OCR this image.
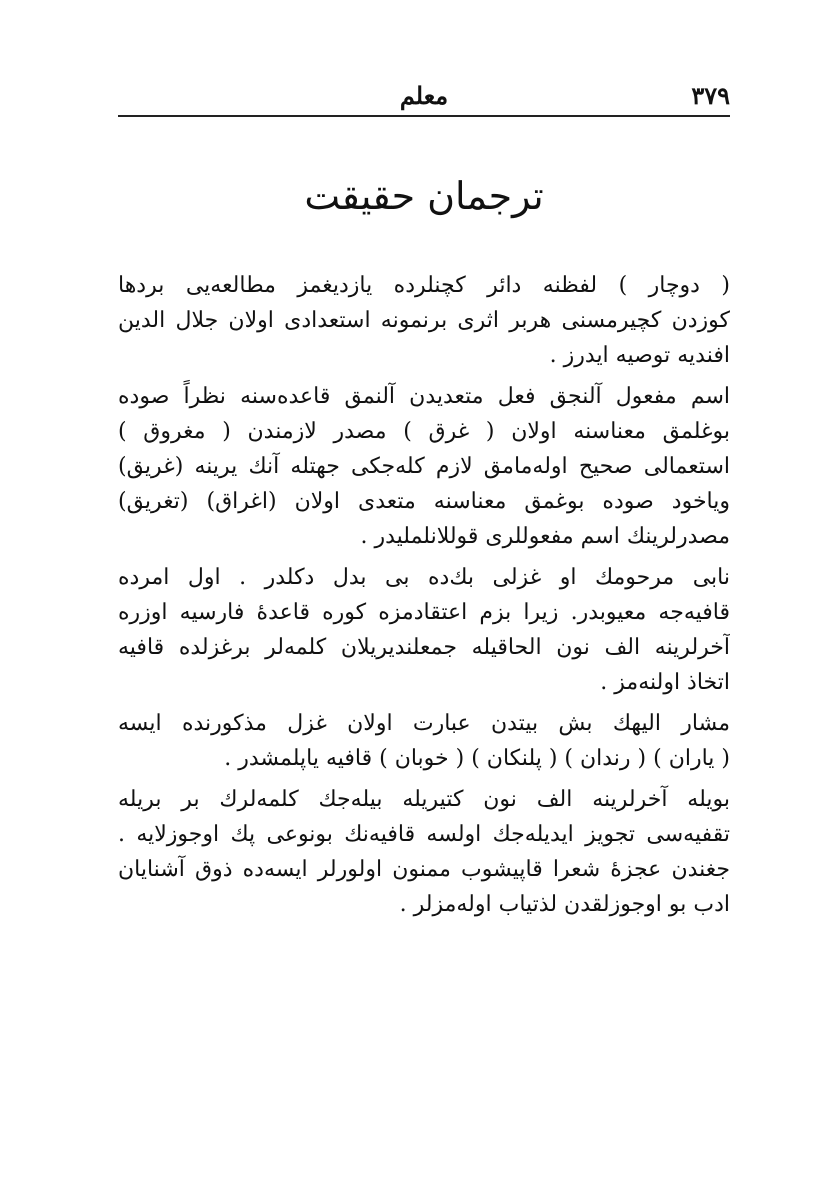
۳۷۹
معلم
ترجمان حقيقت
( دوچار ) لفظنه دائر كچنلرده يازديغمز مطالعه‌يى بردها
كوزدن كچيرمسنى هربر اثرى برنمونه استعدادى اولان جلال الدين
افنديه توصيه ايدرز .
اسم مفعول آلنجق فعل متعديدن آلنمق قاعده‌سنه نظراً صوده
بوغلمق معناسنه اولان ( غرق ) مصدر لازمندن ( مغروق )
استعمالى صحيح اوله‌مامق لازم كله‌جكى جهتله آنك يرينه (غريق)
وياخود صوده بوغمق معناسنه متعدى اولان (اغراق) (تغريق)
مصدرلرينك اسم مفعوللرى قوللانلمليدر .
نابى مرحومك او غزلى بك‌ده بى بدل دكلدر . اول امرده
قافيه‌جه معيوبدر. زيرا بزم اعتقادمزه كوره قاعدهٔ فارسيه اوزره
آخرلرينه الف نون الحاقيله جمعلنديريلان كلمه‌لر برغزلده قافيه
اتخاذ اولنه‌مز .
مشار اليهك بش بيتدن عبارت اولان غزل مذكورنده ايسه
( ياران ) ( رندان ) ( پلنكان ) ( خوبان ) قافيه ياپلمشدر .
بويله آخرلرينه الف نون كتيريله بيله‌جك كلمه‌لرك بر بريله
تقفيه‌سى تجويز ايديله‌جك اولسه قافيه‌نك بونوعى پك اوجوزلايه .
جغندن عجزهٔ شعرا قاپيشوب ممنون اولورلر ايسه‌ده ذوق آشنايان
ادب بو اوجوزلقدن لذتياب اوله‌مزلر .
